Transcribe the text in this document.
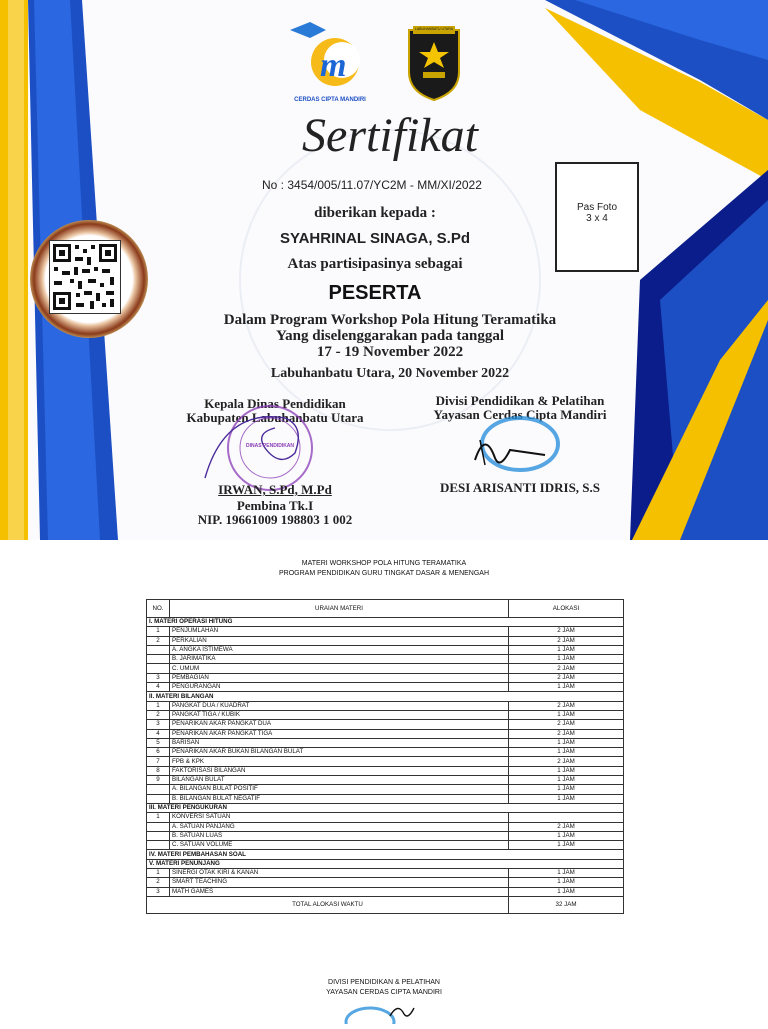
m
CERDAS CIPTA MANDIRI
LABUHANBATU UTARA
Sertifikat
No : 3454/005/11.07/YC2M - MM/XI/2022
diberikan kepada :
SYAHRINAL SINAGA, S.Pd
Atas partisipasinya sebagai
PESERTA
Dalam Program Workshop Pola Hitung Teramatika
Yang diselenggarakan pada tanggal
17 - 19 November 2022
Labuhanbatu Utara, 20 November 2022
Pas Foto
3 x 4
Kepala Dinas Pendidikan
Kabupaten Labuhanbatu Utara
DINAS PENDIDIKAN
IRWAN, S.Pd, M.Pd
Pembina Tk.I
NIP. 19661009 198803 1 002
Divisi Pendidikan & Pelatihan
Yayasan Cerdas Cipta Mandiri
DESI ARISANTI IDRIS, S.S
MATERI WORKSHOP POLA HITUNG TERAMATIKA
PROGRAM PENDIDIKAN GURU TINGKAT DASAR & MENENGAH
NO.	URAIAN MATERI	ALOKASI
I. MATERI OPERASI HITUNG		
1	PENJUMLAHAN	2 JAM
2	PERKALIAN	2 JAM
	A. ANGKA ISTIMEWA	1 JAM
	B. JARIMATIKA	1 JAM
	C. UMUM	2 JAM
3	PEMBAGIAN	2 JAM
4	PENGURANGAN	1 JAM
II. MATERI BILANGAN		
1	PANGKAT DUA / KUADRAT	2 JAM
2	PANGKAT TIGA / KUBIK	1 JAM
3	PENARIKAN AKAR PANGKAT DUA	2 JAM
4	PENARIKAN AKAR PANGKAT TIGA	2 JAM
5	BARISAN	1 JAM
6	PENARIKAN AKAR BUKAN BILANGAN BULAT	1 JAM
7	FPB & KPK	2 JAM
8	FAKTORISASI BILANGAN	1 JAM
9	BILANGAN BULAT	1 JAM
	A. BILANGAN BULAT POSITIF	1 JAM
	B. BILANGAN BULAT NEGATIF	1 JAM
III. MATERI PENGUKURAN		
1	KONVERSI SATUAN	
	A. SATUAN PANJANG	2 JAM
	B. SATUAN LUAS	1 JAM
	C. SATUAN VOLUME	1 JAM
IV. MATERI PEMBAHASAN SOAL		
V. MATERI PENUNJANG		
1	SINERGI OTAK KIRI & KANAN	1 JAM
2	SMART TEACHING	1 JAM
3	MATH GAMES	1 JAM
TOTAL ALOKASI WAKTU		32 JAM
DIVISI PENDIDIKAN & PELATIHAN
YAYASAN CERDAS CIPTA MANDIRI
